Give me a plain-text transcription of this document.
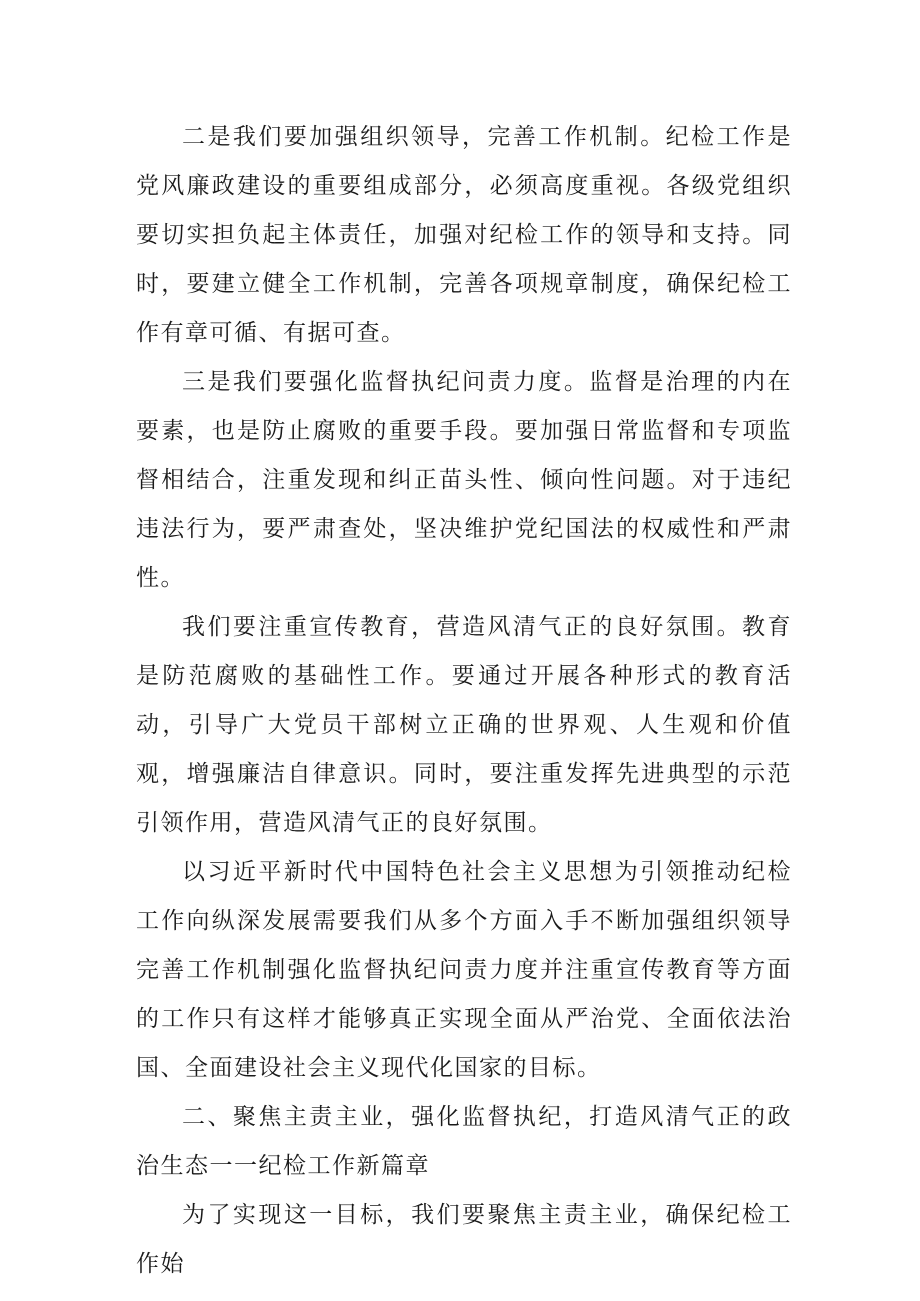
二是我们要加强组织领导，完善工作机制。纪检工作是党风廉政建设的重要组成部分，必须高度重视。各级党组织要切实担负起主体责任，加强对纪检工作的领导和支持。同时，要建立健全工作机制，完善各项规章制度，确保纪检工作有章可循、有据可查。

三是我们要强化监督执纪问责力度。监督是治理的内在要素，也是防止腐败的重要手段。要加强日常监督和专项监督相结合，注重发现和纠正苗头性、倾向性问题。对于违纪违法行为，要严肃查处，坚决维护党纪国法的权威性和严肃性。

我们要注重宣传教育，营造风清气正的良好氛围。教育是防范腐败的基础性工作。要通过开展各种形式的教育活动，引导广大党员干部树立正确的世界观、人生观和价值观，增强廉洁自律意识。同时，要注重发挥先进典型的示范引领作用，营造风清气正的良好氛围。

以习近平新时代中国特色社会主义思想为引领推动纪检工作向纵深发展需要我们从多个方面入手不断加强组织领导完善工作机制强化监督执纪问责力度并注重宣传教育等方面的工作只有这样才能够真正实现全面从严治党、全面依法治国、全面建设社会主义现代化国家的目标。

二、聚焦主责主业，强化监督执纪，打造风清气正的政治生态一一纪检工作新篇章

为了实现这一目标，我们要聚焦主责主业，确保纪检工作始
